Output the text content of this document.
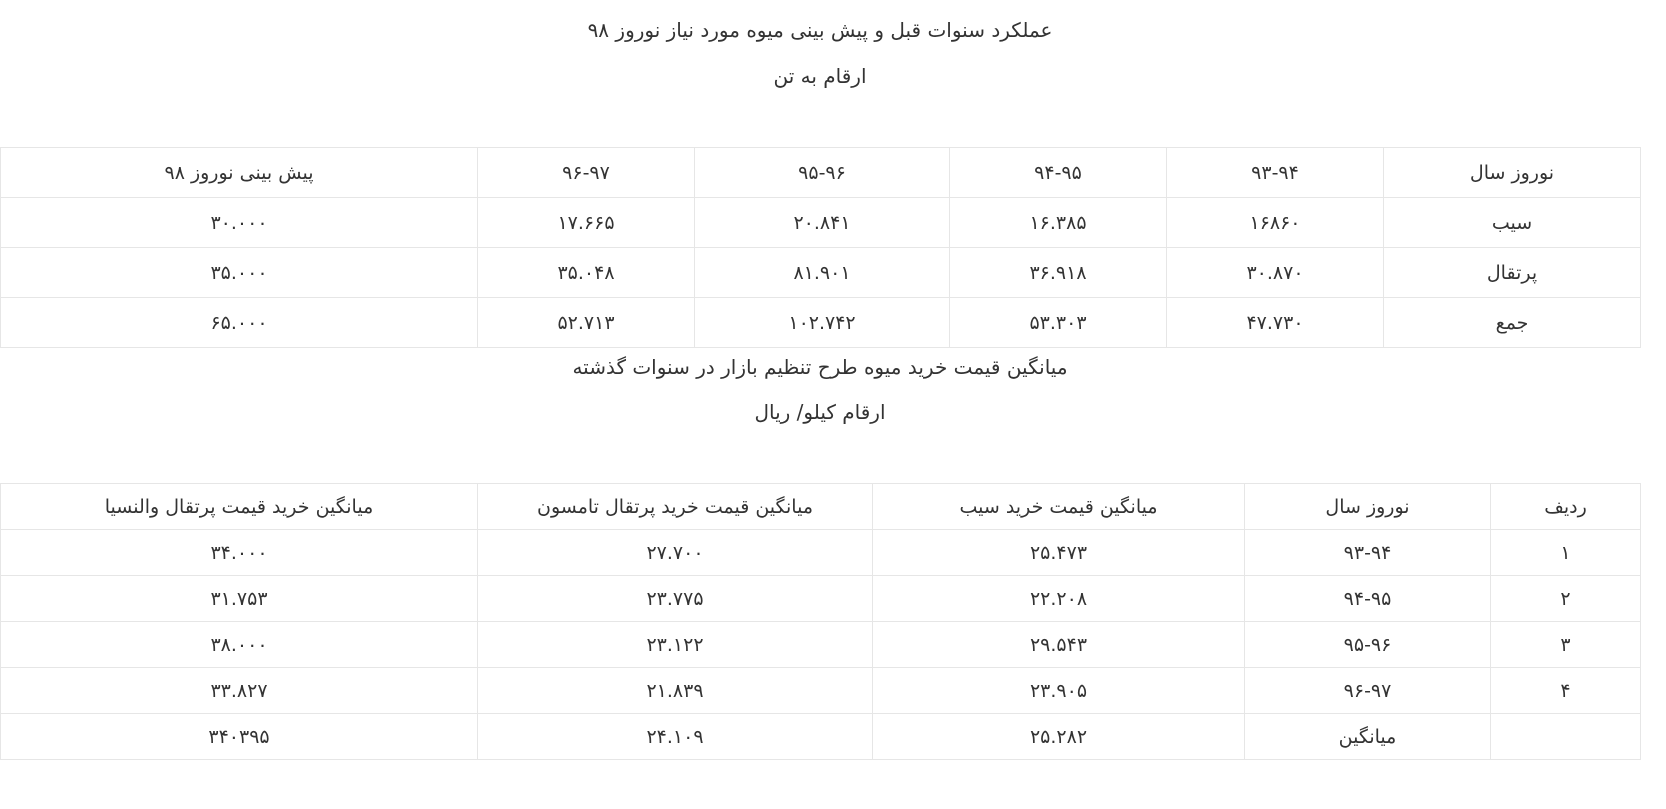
عملکرد سنوات قبل و پیش بینی میوه مورد نیاز نوروز ۹۸
ارقام به تن
نوروز سال	۹۳-۹۴	۹۴-۹۵	۹۵-۹۶	۹۶-۹۷	پیش بینی نوروز ۹۸
سیب	۱۶۸۶۰	۱۶.۳۸۵	۲۰.۸۴۱	۱۷.۶۶۵	۳۰.۰۰۰
پرتقال	۳۰.۸۷۰	۳۶.۹۱۸	۸۱.۹۰۱	۳۵.۰۴۸	۳۵.۰۰۰
جمع	۴۷.۷۳۰	۵۳.۳۰۳	۱۰۲.۷۴۲	۵۲.۷۱۳	۶۵.۰۰۰
میانگین قیمت خرید میوه طرح تنظیم بازار در سنوات گذشته
ارقام کیلو/ ریال
ردیف	نوروز سال	میانگین قیمت خرید سیب	میانگین قیمت خرید پرتقال تامسون	میانگین خرید قیمت پرتقال والنسیا
۱	۹۳-۹۴	۲۵.۴۷۳	۲۷.۷۰۰	۳۴.۰۰۰
۲	۹۴-۹۵	۲۲.۲۰۸	۲۳.۷۷۵	۳۱.۷۵۳
۳	۹۵-۹۶	۲۹.۵۴۳	۲۳.۱۲۲	۳۸.۰۰۰
۴	۹۶-۹۷	۲۳.۹۰۵	۲۱.۸۳۹	۳۳.۸۲۷
	میانگین	۲۵.۲۸۲	۲۴.۱۰۹	۳۴۰۳۹۵
